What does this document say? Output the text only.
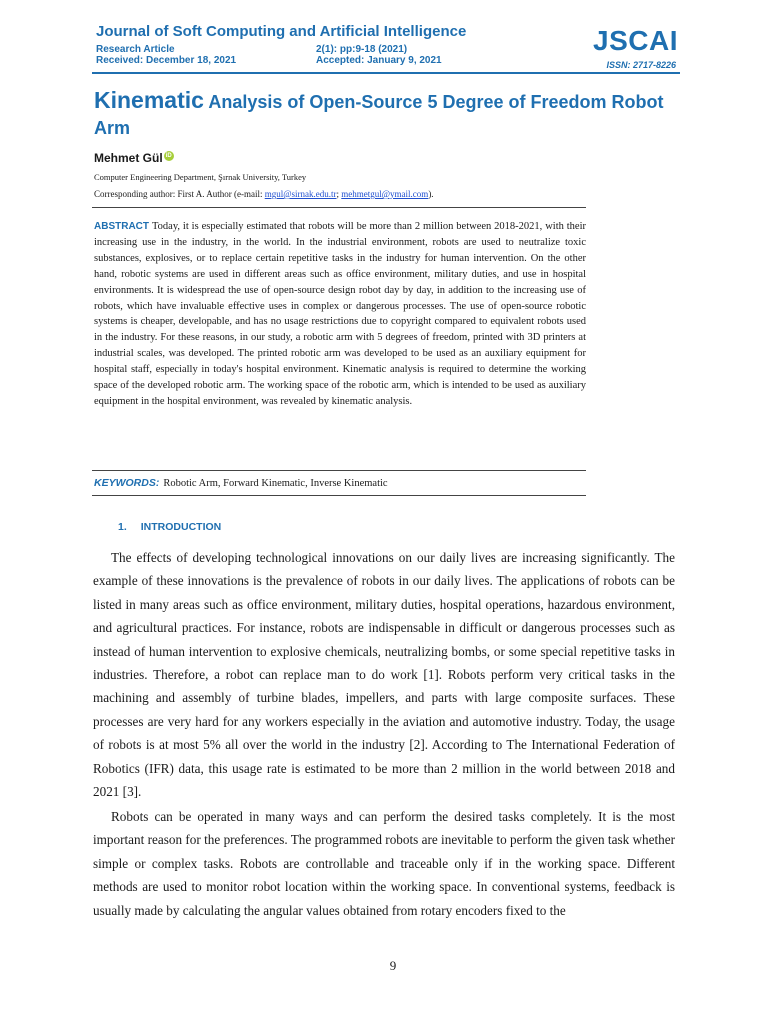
Journal of Soft Computing and Artificial Intelligence
Research Article
Received: December 18, 2021
2(1): pp:9-18 (2021)
Accepted: January 9, 2021
JSCAI
ISSN: 2717-8226
Kinematic Analysis of Open-Source 5 Degree of Freedom Robot Arm
Mehmet Gül iD
Computer Engineering Department, Şırnak University, Turkey
Corresponding author: First A. Author (e-mail: mgul@sirnak.edu.tr; mehmetgul@ymail.com).
ABSTRACT Today, it is especially estimated that robots will be more than 2 million between 2018-2021, with their increasing use in the industry, in the world. In the industrial environment, robots are used to neutralize toxic substances, explosives, or to replace certain repetitive tasks in the industry for human intervention. On the other hand, robotic systems are used in different areas such as office environment, military duties, and use in hospital environments. It is widespread the use of open-source design robot day by day, in addition to the increasing use of robots, which have invaluable effective uses in complex or dangerous processes. The use of open-source robotic systems is cheaper, developable, and has no usage restrictions due to copyright compared to equivalent robots used in the industry. For these reasons, in our study, a robotic arm with 5 degrees of freedom, printed with 3D printers at industrial scales, was developed. The printed robotic arm was developed to be used as an auxiliary equipment for hospital staff, especially in today's hospital environment. Kinematic analysis is required to determine the working space of the developed robotic arm. The working space of the robotic arm, which is intended to be used as auxiliary equipment in the hospital environment, was revealed by kinematic analysis.
KEYWORDS: Robotic Arm, Forward Kinematic, Inverse Kinematic
1. INTRODUCTION

The effects of developing technological innovations on our daily lives are increasing significantly. The example of these innovations is the prevalence of robots in our daily lives. The applications of robots can be listed in many areas such as office environment, military duties, hospital operations, hazardous environment, and agricultural practices. For instance, robots are indispensable in difficult or dangerous processes such as instead of human intervention to explosive chemicals, neutralizing bombs, or some special repetitive tasks in industries. Therefore, a robot can replace man to do work [1]. Robots perform very critical tasks in the machining and assembly of turbine blades, impellers, and parts with large composite surfaces. These processes are very hard for any workers especially in the aviation and automotive industry. Today, the usage of robots is at most 5% all over the world in the industry [2]. According to The International Federation of Robotics (IFR) data, this usage rate is estimated to be more than 2 million in the world between 2018 and 2021 [3].

Robots can be operated in many ways and can perform the desired tasks completely. It is the most important reason for the preferences. The programmed robots are inevitable to perform the given task whether simple or complex tasks. Robots are controllable and traceable only if in the working space. Different methods are used to monitor robot location within the working space. In conventional systems, feedback is usually made by calculating the angular values obtained from rotary encoders fixed to the

9
